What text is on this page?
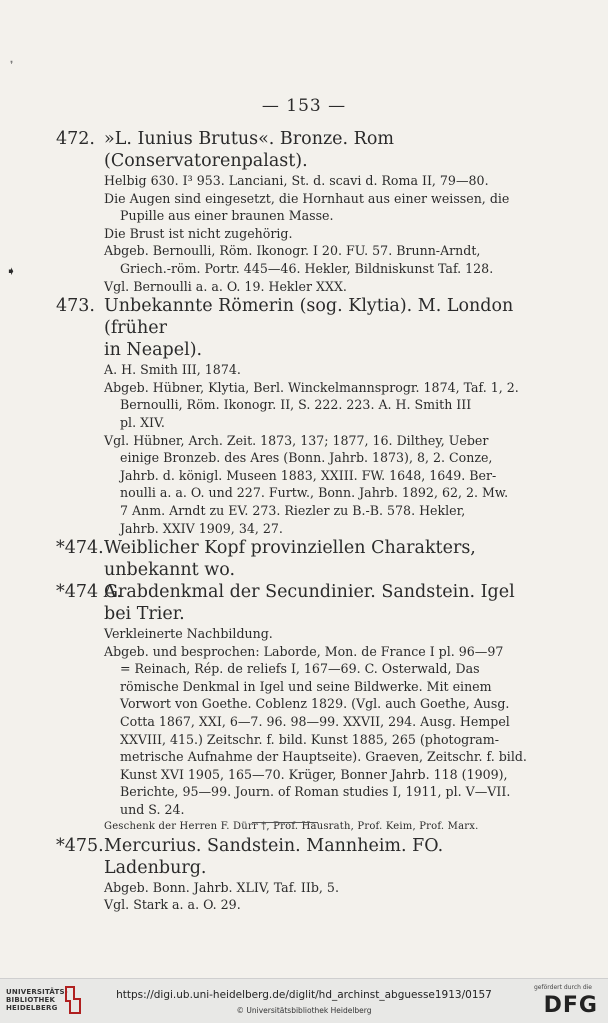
❜
— 153 —
➧
472. »L. Iunius Brutus«. Bronze. Rom (Conservatorenpalast).
Helbig 630. I³ 953. Lanciani, St. d. scavi d. Roma II, 79—80.
Die Augen sind eingesetzt, die Hornhaut aus einer weissen, die
Pupille aus einer braunen Masse.
Die Brust ist nicht zugehörig.
Abgeb. Bernoulli, Röm. Ikonogr. I 20. FU. 57. Brunn-Arndt,
Griech.-röm. Portr. 445—46. Hekler, Bildniskunst Taf. 128.
Vgl. Bernoulli a. a. O. 19. Hekler XXX.
473. Unbekannte Römerin (sog. Klytia). M. London (früher
in Neapel).
A. H. Smith III, 1874.
Abgeb. Hübner, Klytia, Berl. Winckelmannsprogr. 1874, Taf. 1, 2.
Bernoulli, Röm. Ikonogr. II, S. 222. 223. A. H. Smith III
pl. XIV.
Vgl. Hübner, Arch. Zeit. 1873, 137; 1877, 16. Dilthey, Ueber
einige Bronzeb. des Ares (Bonn. Jahrb. 1873), 8, 2. Conze,
Jahrb. d. königl. Museen 1883, XXIII. FW. 1648, 1649. Ber-
noulli a. a. O. und 227. Furtw., Bonn. Jahrb. 1892, 62, 2. Mw.
7 Anm. Arndt zu EV. 273. Riezler zu B.-B. 578. Hekler,
Jahrb. XXIV 1909, 34, 27.
*474. Weiblicher Kopf provinziellen Charakters, unbekannt wo.
*474 A.
Grabdenkmal der Secundinier. Sandstein. Igel bei Trier.
Verkleinerte Nachbildung.
Abgeb. und besprochen: Laborde, Mon. de France I pl. 96—97
= Reinach, Rép. de reliefs I, 167—69. C. Osterwald, Das
römische Denkmal in Igel und seine Bildwerke. Mit einem
Vorwort von Goethe. Coblenz 1829. (Vgl. auch Goethe, Ausg.
Cotta 1867, XXI, 6—7. 96. 98—99. XXVII, 294. Ausg. Hempel
XXVIII, 415.) Zeitschr. f. bild. Kunst 1885, 265 (photogram-
metrische Aufnahme der Hauptseite). Graeven, Zeitschr. f. bild.
Kunst XVI 1905, 165—70. Krüger, Bonner Jahrb. 118 (1909),
Berichte, 95—99. Journ. of Roman studies I, 1911, pl. V—VII.
und S. 24.
Geschenk der Herren F. Dürr †, Prof. Hausrath, Prof. Keim, Prof. Marx.
*475. Mercurius. Sandstein. Mannheim. FO. Ladenburg.
Abgeb. Bonn. Jahrb. XLIV, Taf. IIb, 5.
Vgl. Stark a. a. O. 29.
UNIVERSITÄTS-
BIBLIOTHEK
HEIDELBERG
https://digi.ub.uni-heidelberg.de/diglit/hd_archinst_abguesse1913/0157
© Universitätsbibliothek Heidelberg
gefördert durch die
DFG
